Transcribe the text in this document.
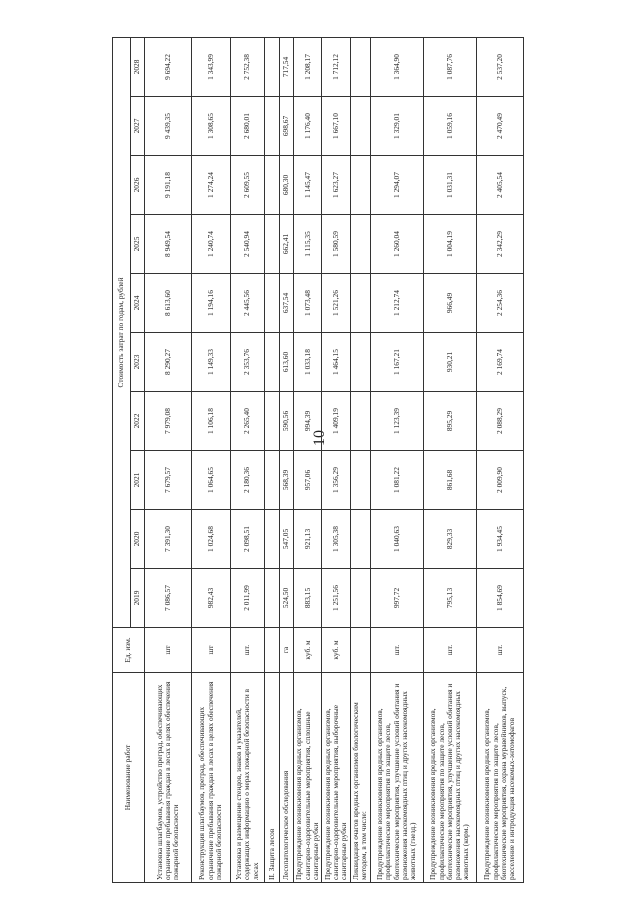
10
Наименование работ	Ед. изм.	Стоимость затрат по годам, рублей									
		2019	2020	2021	2022	2023	2024	2025	2026	2027	2028
Установка шлагбаумов, устройство преград, обеспечивающих ограничение пребывания граждан в лесах в целях обеспечения пожарной безопасности	шт	7 086,57	7 391,30	7 679,57	7 979,08	8 290,27	8 613,60	8 949,54	9 191,18	9 439,35	9 694,22
Реконструкция шлагбаумов, преград, обеспечивающих ограничение пребывания граждан в лесах в целях обеспечения пожарной безопасности	шт	982,43	1 024,68	1 064,65	1 106,18	1 149,33	1 194,16	1 240,74	1 274,24	1 308,65	1 343,99
Установка и размещение стендов, знаков и указателей, содержащих информацию о мерах пожарной безопасности в лесах	шт.	2 011,99	2 098,51	2 180,36	2 265,40	2 353,76	2 445,56	2 540,94	2 609,55	2 680,01	2 752,38
II. Защита лесов											
Лесопатологическое обследования	га	524,50	547,05	568,39	590,56	613,60	637,54	662,41	680,30	698,67	717,54
Предупреждение возникновения вредных организмов, санитарно-оздоровительные мероприятия, сплошные санитарные рубки	куб. м	883,15	921,13	957,06	994,39	1 033,18	1 073,48	1 115,35	1 145,47	1 176,40	1 208,17
Предупреждение возникновения вредных организмов, санитарно-оздоровительные мероприятия, выборочные санитарные рубки	куб. м	1 251,56	1 305,38	1 356,29	1 409,19	1 464,15	1 521,26	1 580,59	1 623,27	1 667,10	1 712,12
Ликвидация очагов вредных организмов биологическим методом, в том числе:											
Предупреждение возникновения вредных организмов, профилактические мероприятия по защите лесов, биотехнические мероприятия, улучшение условий обитания и размножения насекомоядных птиц и других насекомоядных животных (гнезд.)	шт.	997,72	1 040,63	1 081,22	1 123,39	1 167,21	1 212,74	1 260,04	1 294,07	1 329,01	1 364,90
Предупреждение возникновения вредных организмов, профилактические мероприятия по защите лесов, биотехнические мероприятия, улучшение условий обитания и размножения насекомоядных птиц и других насекомоядных животных (корм.)	шт.	795,13	829,33	861,68	895,29	930,21	966,49	1 004,19	1 031,31	1 059,16	1 087,76
Предупреждение возникновения вредных организмов, профилактические мероприятия по защите лесов, биотехнические мероприятия, охрана муравейников, выпуск, расселение и интродукция насекомых-энтомофагов	шт.	1 854,69	1 934,45	2 009,90	2 088,29	2 169,74	2 254,36	2 342,29	2 405,54	2 470,49	2 537,20
